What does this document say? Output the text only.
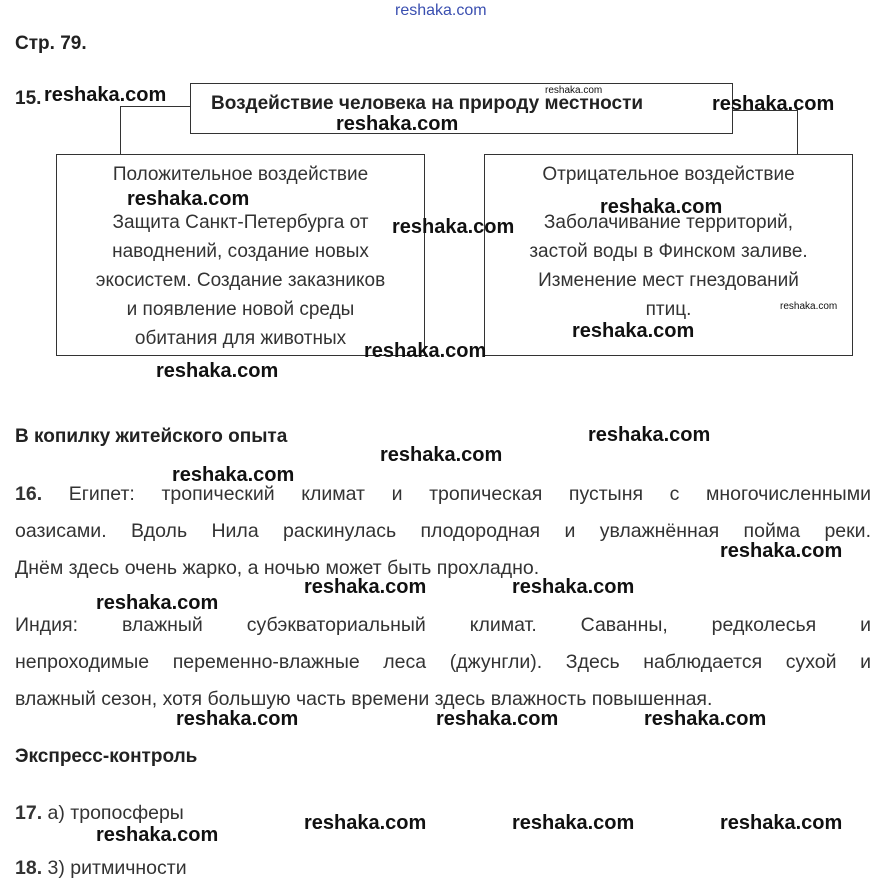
reshaka.com
Стр. 79.
15.	Воздействие человека на природу местности
Положительное воздействие
Защита Санкт-Петербурга от
наводнений, создание новых
экосистем. Создание заказников
и появление новой среды
обитания для животных
Отрицательное воздействие
Заболачивание территорий,
застой воды в Финском заливе.
Изменение мест гнездований
птиц.
В копилку житейского опыта
16. Египет: тропический климат и тропическая пустыня с многочисленными
оазисами. Вдоль Нила раскинулась плодородная и увлажнённая пойма реки.
Днём здесь очень жарко, а ночью может быть прохладно.
Индия: влажный субэкваториальный климат. Саванны, редколесья и
непроходимые переменно-влажные леса (джунгли). Здесь наблюдается сухой и
влажный сезон, хотя большую часть времени здесь влажность повышенная.
Экспресс-контроль
17. а) тропосферы
18. 3) ритмичности
reshaka.com	reshaka.com
reshaka.com
reshaka.com
reshaka.com	reshaka.com
reshaka.com
reshaka.com
reshaka.com
reshaka.com
reshaka.com
reshaka.com
reshaka.com
reshaka.com
reshaka.com
reshaka.com	reshaka.com
reshaka.com
reshaka.com	reshaka.com	reshaka.com
reshaka.com	reshaka.com	reshaka.com
reshaka.com
